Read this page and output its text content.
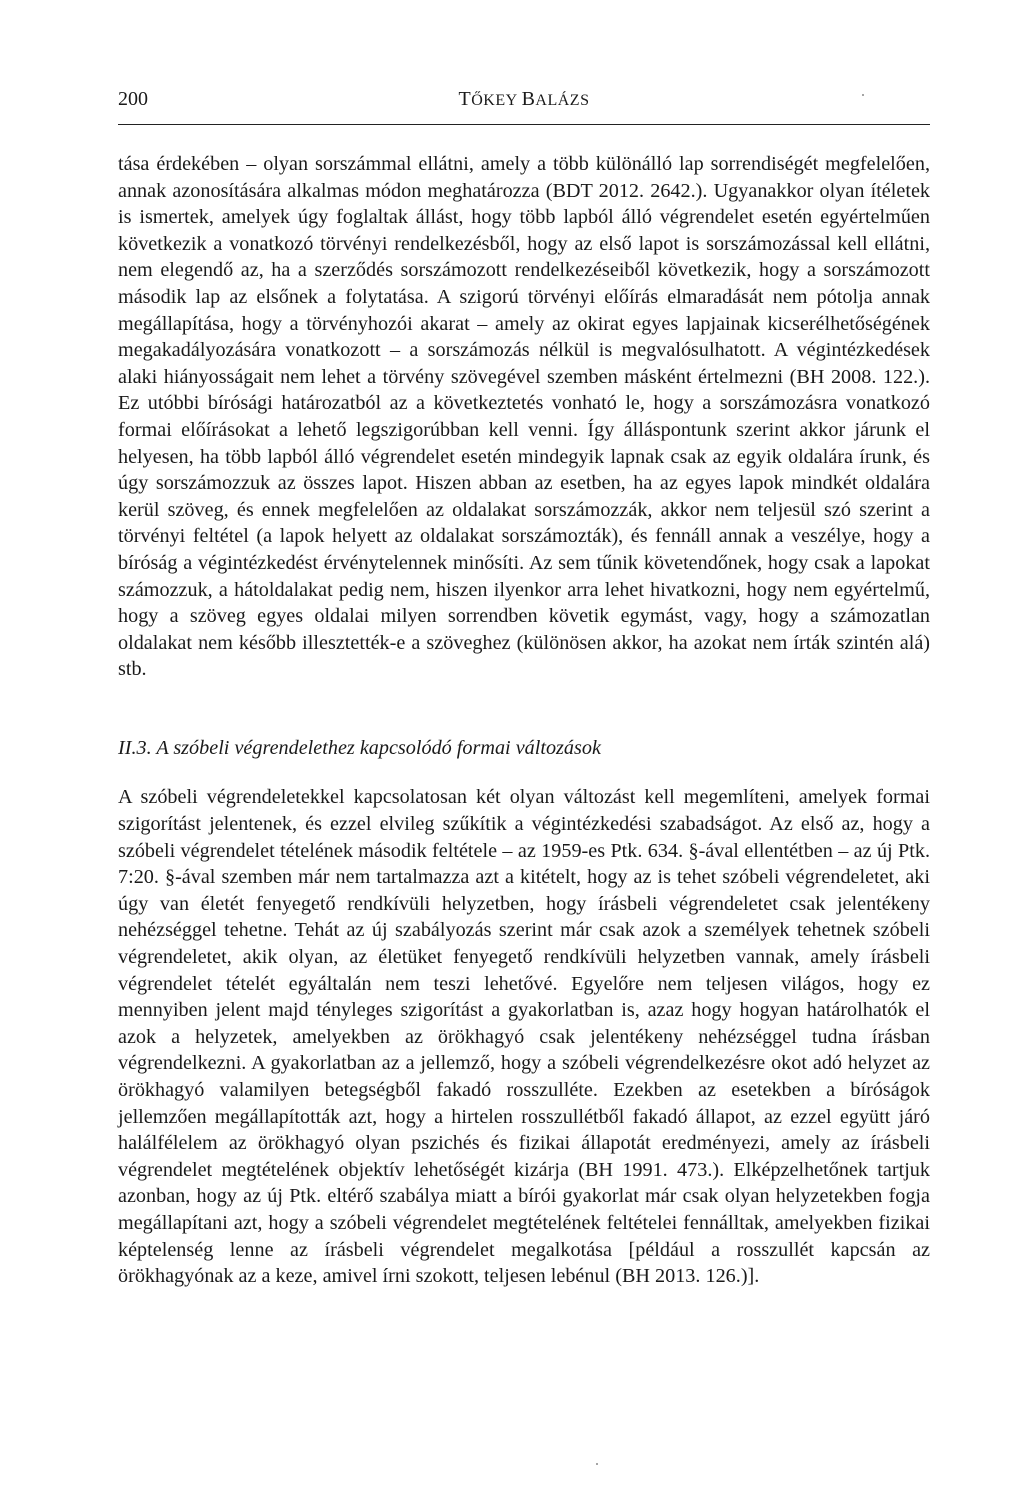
200	TŐKEY BALÁZS

tása érdekében – olyan sorszámmal ellátni, amely a több különálló lap sorrendiségét megfelelően, annak azonosítására alkalmas módon meghatározza (BDT 2012. 2642.). Ugyanakkor olyan ítéletek is ismertek, amelyek úgy foglaltak állást, hogy több lapból álló végrendelet esetén egyértelműen következik a vonatkozó törvényi rendelkezésből, hogy az első lapot is sorszámozással kell ellátni, nem elegendő az, ha a szerződés sorszámozott rendelkezéseiből következik, hogy a sorszámozott második lap az elsőnek a folytatása. A szigorú törvényi előírás elmaradását nem pótolja annak megállapítása, hogy a törvényhozói akarat – amely az okirat egyes lapjainak kicserélhetőségének megakadályozására vonatkozott – a sorszámozás nélkül is megvalósulhatott. A végintézkedések alaki hiányosságait nem lehet a törvény szövegével szemben másként értelmezni (BH 2008. 122.). Ez utóbbi bírósági határozatból az a következtetés vonható le, hogy a sorszámozásra vonatkozó formai előírásokat a lehető legszigorúbban kell venni. Így álláspontunk szerint akkor járunk el helyesen, ha több lapból álló végrendelet esetén mindegyik lapnak csak az egyik oldalára írunk, és úgy sorszámozzuk az összes lapot. Hiszen abban az esetben, ha az egyes lapok mindkét oldalára kerül szöveg, és ennek megfelelően az oldalakat sorszámozzák, akkor nem teljesül szó szerint a törvényi feltétel (a lapok helyett az oldalakat sorszámozták), és fennáll annak a veszélye, hogy a bíróság a végintézkedést érvénytelennek minősíti. Az sem tűnik követendőnek, hogy csak a lapokat számozzuk, a hátoldalakat pedig nem, hiszen ilyenkor arra lehet hivatkozni, hogy nem egyértelmű, hogy a szöveg egyes oldalai milyen sorrendben követik egymást, vagy, hogy a számozatlan oldalakat nem később illesztették-e a szöveghez (különösen akkor, ha azokat nem írták szintén alá) stb.

II.3. A szóbeli végrendelethez kapcsolódó formai változások

A szóbeli végrendeletekkel kapcsolatosan két olyan változást kell megemlíteni, amelyek formai szigorítást jelentenek, és ezzel elvileg szűkítik a végintézkedési szabadságot. Az első az, hogy a szóbeli végrendelet tételének második feltétele – az 1959-es Ptk. 634. §-ával ellentétben – az új Ptk. 7:20. §-ával szemben már nem tartalmazza azt a kitételt, hogy az is tehet szóbeli végrendeletet, aki úgy van életét fenyegető rendkívüli helyzetben, hogy írásbeli végrendeletet csak jelentékeny nehézséggel tehetne. Tehát az új szabályozás szerint már csak azok a személyek tehetnek szóbeli végrendeletet, akik olyan, az életüket fenyegető rendkívüli helyzetben vannak, amely írásbeli végrendelet tételét egyáltalán nem teszi lehetővé. Egyelőre nem teljesen világos, hogy ez mennyiben jelent majd tényleges szigorítást a gyakorlatban is, azaz hogy hogyan határolhatók el azok a helyzetek, amelyekben az örökhagyó csak jelentékeny nehézséggel tudna írásban végrendelkezni. A gyakorlatban az a jellemző, hogy a szóbeli végrendelkezésre okot adó helyzet az örökhagyó valamilyen betegségből fakadó rosszulléte. Ezekben az esetekben a bíróságok jellemzően megállapították azt, hogy a hirtelen rosszullétből fakadó állapot, az ezzel együtt járó halálfélelem az örökhagyó olyan pszichés és fizikai állapotát eredményezi, amely az írásbeli végrendelet megtételének objektív lehetőségét kizárja (BH 1991. 473.). Elképzelhetőnek tartjuk azonban, hogy az új Ptk. eltérő szabálya miatt a bírói gyakorlat már csak olyan helyzetekben fogja megállapítani azt, hogy a szóbeli végrendelet megtételének feltételei fennálltak, amelyekben fizikai képtelenség lenne az írásbeli végrendelet megalkotása [például a rosszullét kapcsán az örökhagyónak az a keze, amivel írni szokott, teljesen lebénul (BH 2013. 126.)].
